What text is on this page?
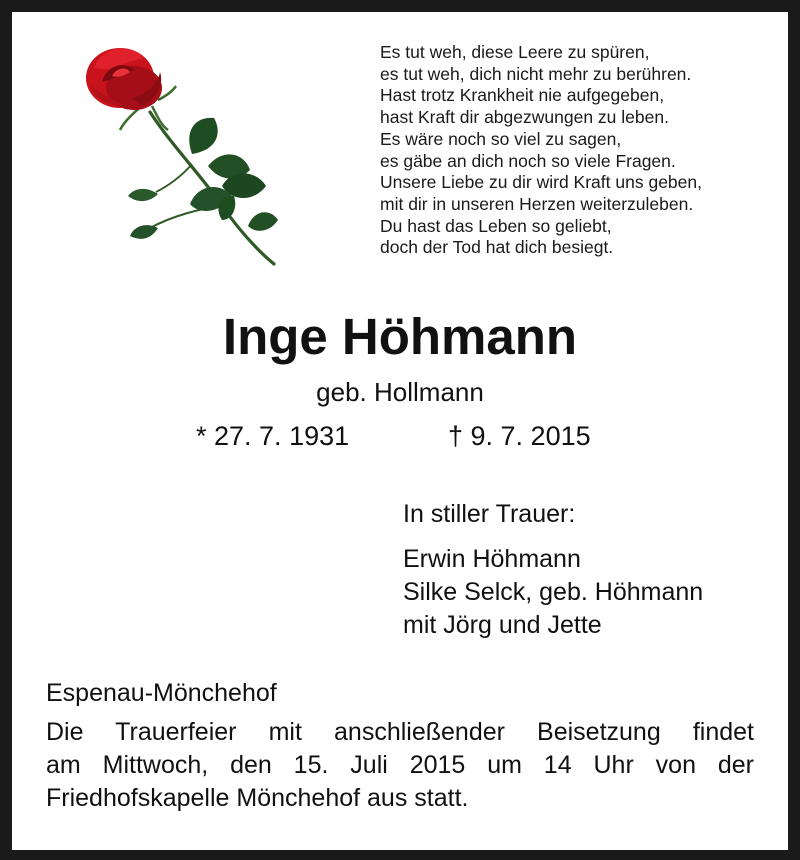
Es tut weh, diese Leere zu spüren,
es tut weh, dich nicht mehr zu berühren.
Hast trotz Krankheit nie aufgegeben,
hast Kraft dir abgezwungen zu leben.
Es wäre noch so viel zu sagen,
es gäbe an dich noch so viele Fragen.
Unsere Liebe zu dir wird Kraft uns geben,
mit dir in unseren Herzen weiterzuleben.
Du hast das Leben so geliebt,
doch der Tod hat dich besiegt.
Inge Höhmann
geb. Hollmann
* 27. 7. 1931	† 9. 7. 2015
In stiller Trauer:
Erwin Höhmann
Silke Selck, geb. Höhmann
mit Jörg und Jette
Espenau-Mönchehof
Die Trauerfeier mit anschließender Beisetzung findet
am Mittwoch, den 15. Juli 2015 um 14 Uhr von der
Friedhofskapelle Mönchehof aus statt.
